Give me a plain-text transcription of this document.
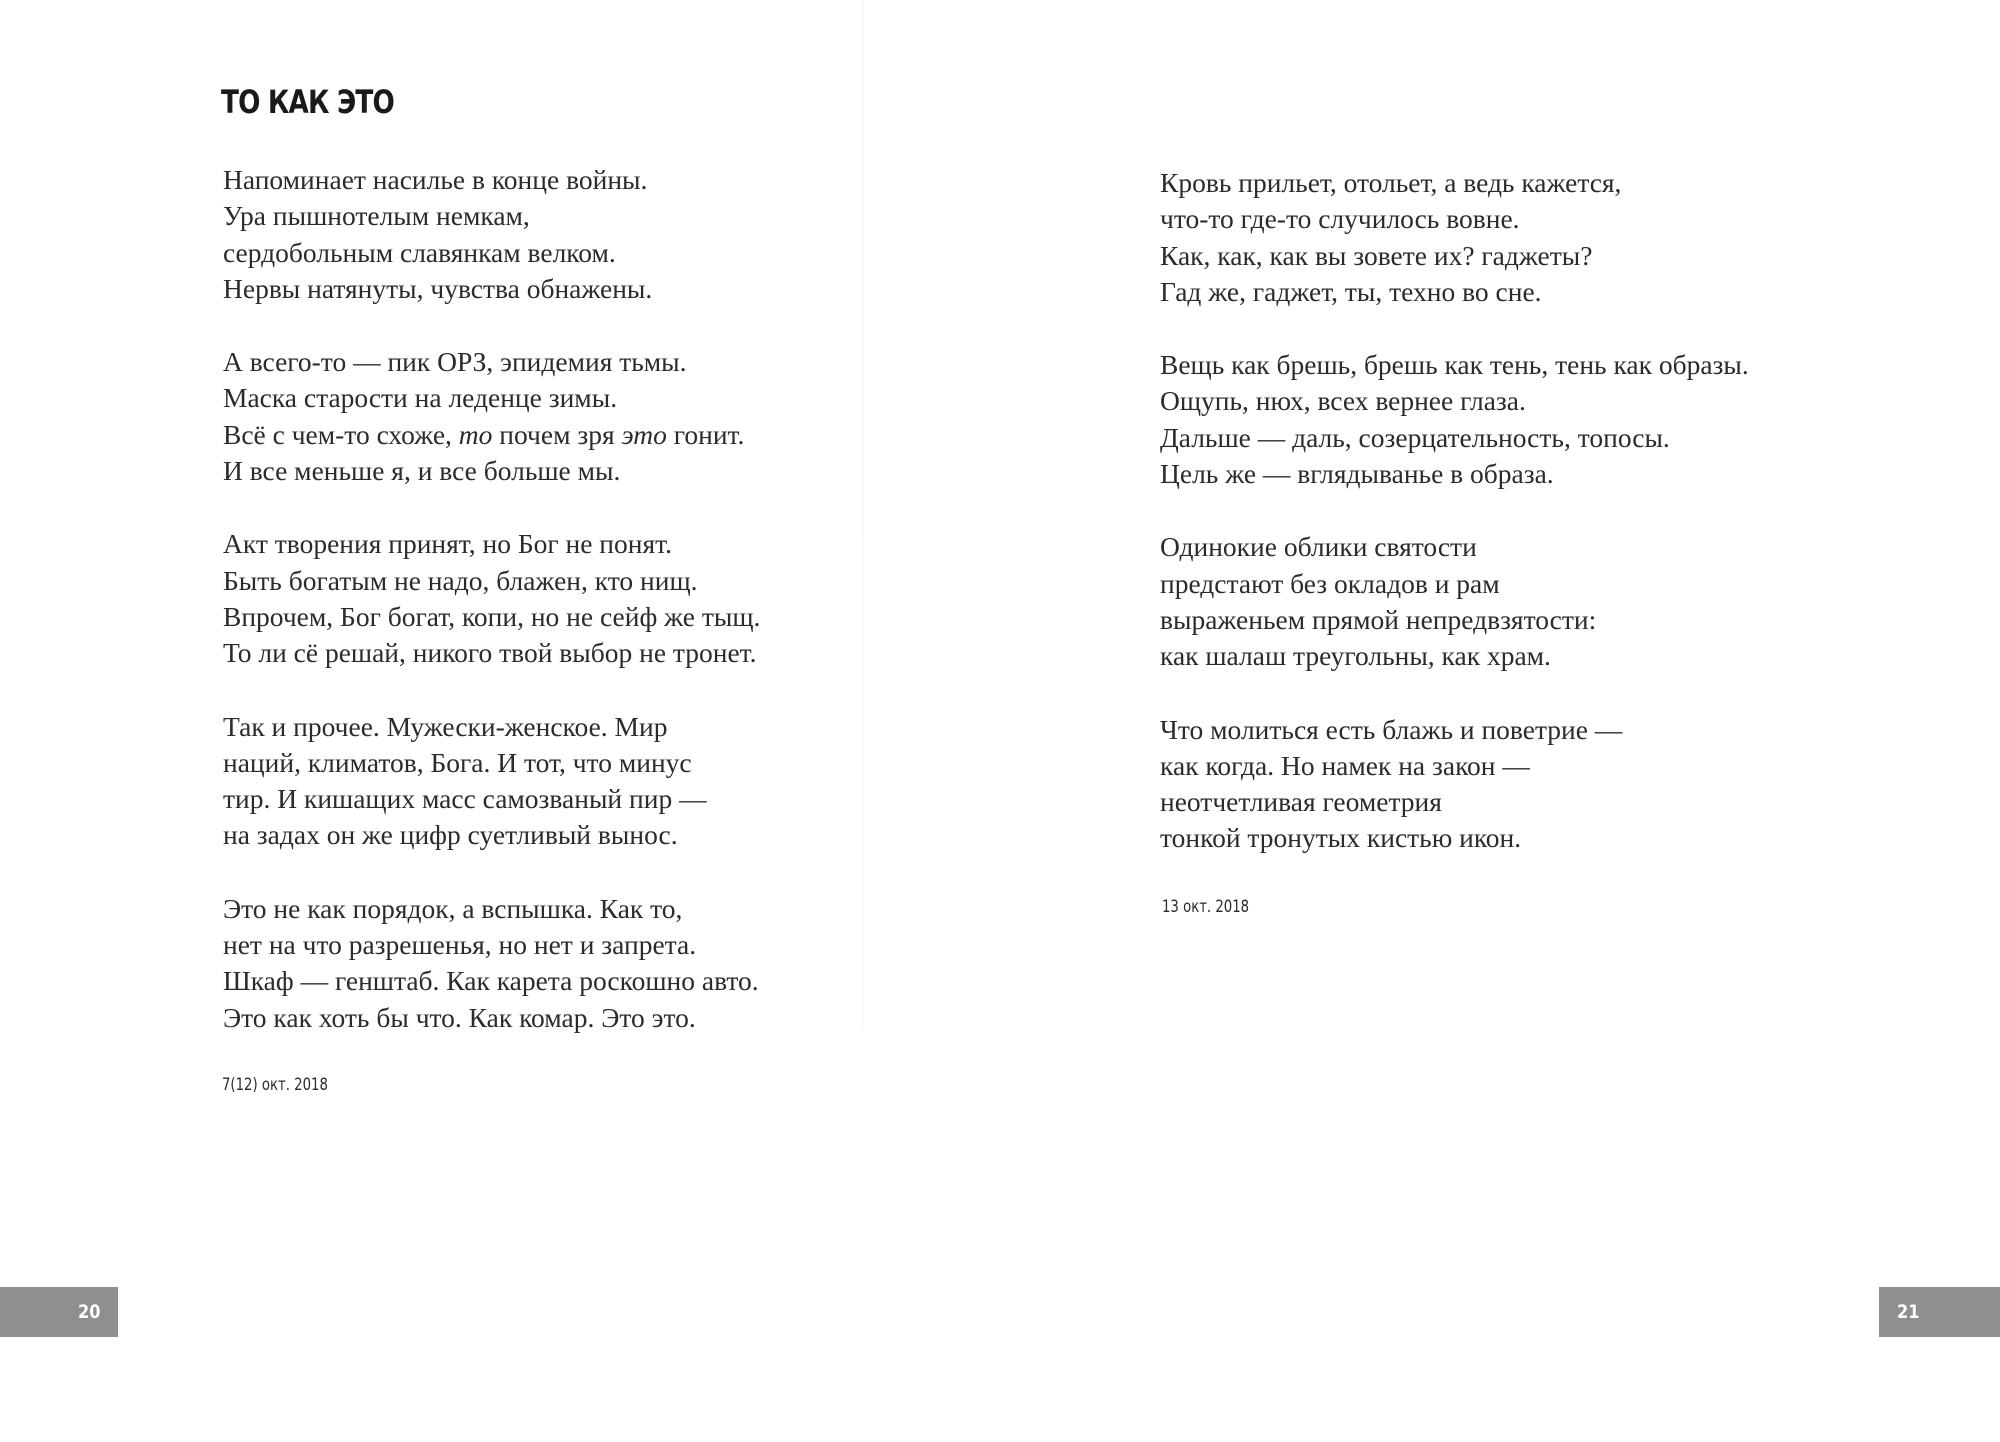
ТО КАК ЭТО
Напоминает насилье в конце войны.
Ура пышнотелым немкам,
сердобольным славянкам велком.
Нервы натянуты, чувства обнажены.
А всего-то — пик ОРЗ, эпидемия тьмы.
Маска старости на леденце зимы.
Всё с чем-то схоже, то почем зря это гонит.
И все меньше я, и все больше мы.
Акт творения принят, но Бог не понят.
Быть богатым не надо, блажен, кто нищ.
Впрочем, Бог богат, копи, но не сейф же тыщ.
То ли сё решай, никого твой выбор не тронет.
Так и прочее. Мужески-женское. Мир
наций, климатов, Бога. И тот, что минус
тир. И кишащих масс самозваный пир —
на задах он же цифр суетливый вынос.
Это не как порядок, а вспышка. Как то,
нет на что разрешенья, но нет и запрета.
Шкаф — генштаб. Как карета роскошно авто.
Это как хоть бы что. Как комар. Это это.
7(12) окт. 2018
20
Кровь прильет, отольет, а ведь кажется,
что-то где-то случилось вовне.
Как, как, как вы зовете их? гаджеты?
Гад же, гаджет, ты, техно во сне.
Вещь как брешь, брешь как тень, тень как образы.
Ощупь, нюх, всех вернее глаза.
Дальше — даль, созерцательность, топосы.
Цель же — вглядыванье в образа.
Одинокие облики святости
предстают без окладов и рам
выраженьем прямой непредвзятости:
как шалаш треугольны, как храм.
Что молиться есть блажь и поветрие —
как когда. Но намек на закон —
неотчетливая геометрия
тонкой тронутых кистью икон.
13 окт. 2018
21
